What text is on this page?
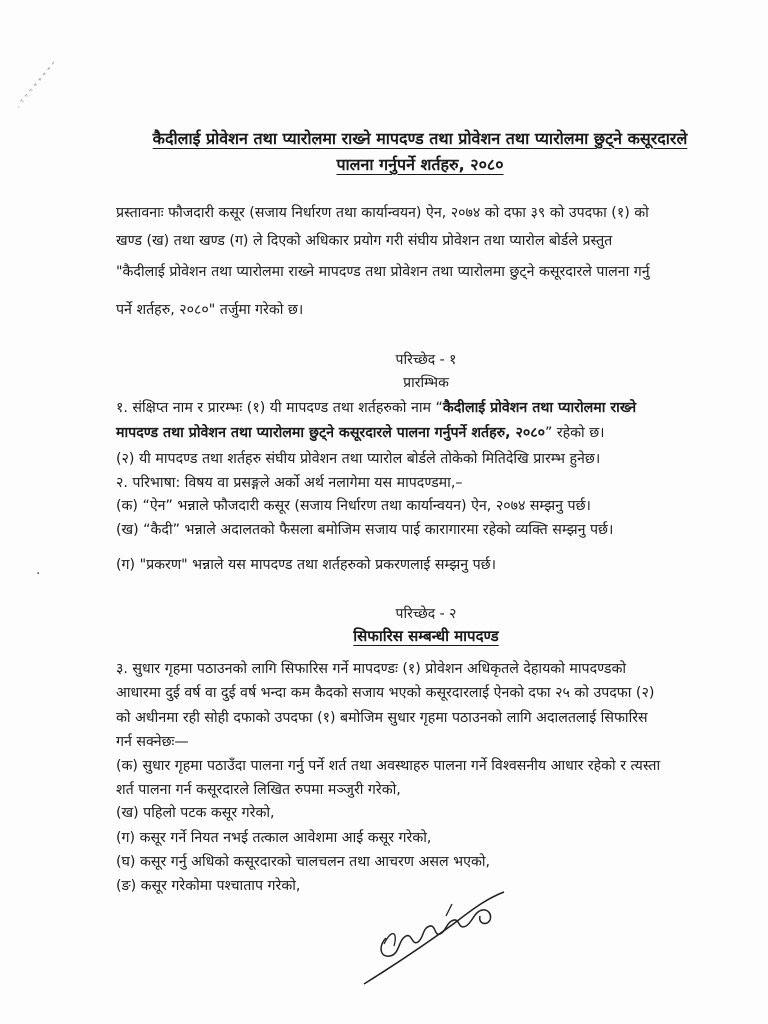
·
कैदीलाई प्रोवेशन तथा प्यारोलमा राख्ने मापदण्ड तथा प्रोवेशन तथा प्यारोलमा छुट्ने कसूरदारले
पालना गर्नुपर्ने शर्तहरु, २०८०
प्रस्तावनाः फौजदारी कसूर (सजाय निर्धारण तथा कार्यान्वयन) ऐन, २०७४ को दफा ३९ को उपदफा (१) को
खण्ड (ख) तथा खण्ड (ग) ले दिएको अधिकार प्रयोग गरी संघीय प्रोवेशन तथा प्यारोल बोर्डले प्रस्तुत
"कैदीलाई प्रोवेशन तथा प्यारोलमा राख्ने मापदण्ड तथा प्रोवेशन तथा प्यारोलमा छुट्ने कसूरदारले पालना गर्नु
पर्ने शर्तहरु, २०८०" तर्जुमा गरेको छ।
परिच्छेद - १
प्रारम्भिक
१. संक्षिप्त नाम र प्रारम्भः (१) यी मापदण्ड तथा शर्तहरुको नाम “कैदीलाई प्रोवेशन तथा प्यारोलमा राख्ने
मापदण्ड तथा प्रोवेशन तथा प्यारोलमा छुट्ने कसूरदारले पालना गर्नुपर्ने शर्तहरु, २०८०” रहेको छ।
(२) यी मापदण्ड तथा शर्तहरु संघीय प्रोवेशन तथा प्यारोल बोर्डले तोकेको मितिदेखि प्रारम्भ हुनेछ।
२. परिभाषा: विषय वा प्रसङ्गले अर्को अर्थ नलागेमा यस मापदण्डमा,–
(क) “ऐन” भन्नाले फौजदारी कसूर (सजाय निर्धारण तथा कार्यान्वयन) ऐन, २०७४ सम्झनु पर्छ।
(ख) “कैदी” भन्नाले अदालतको फैसला बमोजिम सजाय पाई कारागारमा रहेको व्यक्ति सम्झनु पर्छ।
(ग) "प्रकरण" भन्नाले यस मापदण्ड तथा शर्तहरुको प्रकरणलाई सम्झनु पर्छ।
परिच्छेद - २
सिफारिस सम्बन्धी मापदण्ड
३. सुधार गृहमा पठाउनको लागि सिफारिस गर्ने मापदण्डः (१) प्रोवेशन अधिकृतले देहायको मापदण्डको
आधारमा दुई वर्ष वा दुई वर्ष भन्दा कम कैदको सजाय भएको कसूरदारलाई ऐनको दफा २५ को उपदफा (२)
को अधीनमा रही सोही दफाको उपदफा (१) बमोजिम सुधार गृहमा पठाउनको लागि अदालतलाई सिफारिस
गर्न सक्नेछः—
(क) सुधार गृहमा पठाउँदा पालना गर्नु पर्ने शर्त तथा अवस्थाहरु पालना गर्ने विश्वसनीय आधार रहेको र त्यस्ता
शर्त पालना गर्न कसूरदारले लिखित रुपमा मञ्जुरी गरेको,
(ख) पहिलो पटक कसूर गरेको,
(ग) कसूर गर्ने नियत नभई तत्काल आवेशमा आई कसूर गरेको,
(घ) कसूर गर्नु अधिको कसूरदारको चालचलन तथा आचरण असल भएको,
(ङ) कसूर गरेकोमा पश्चाताप गरेको,
